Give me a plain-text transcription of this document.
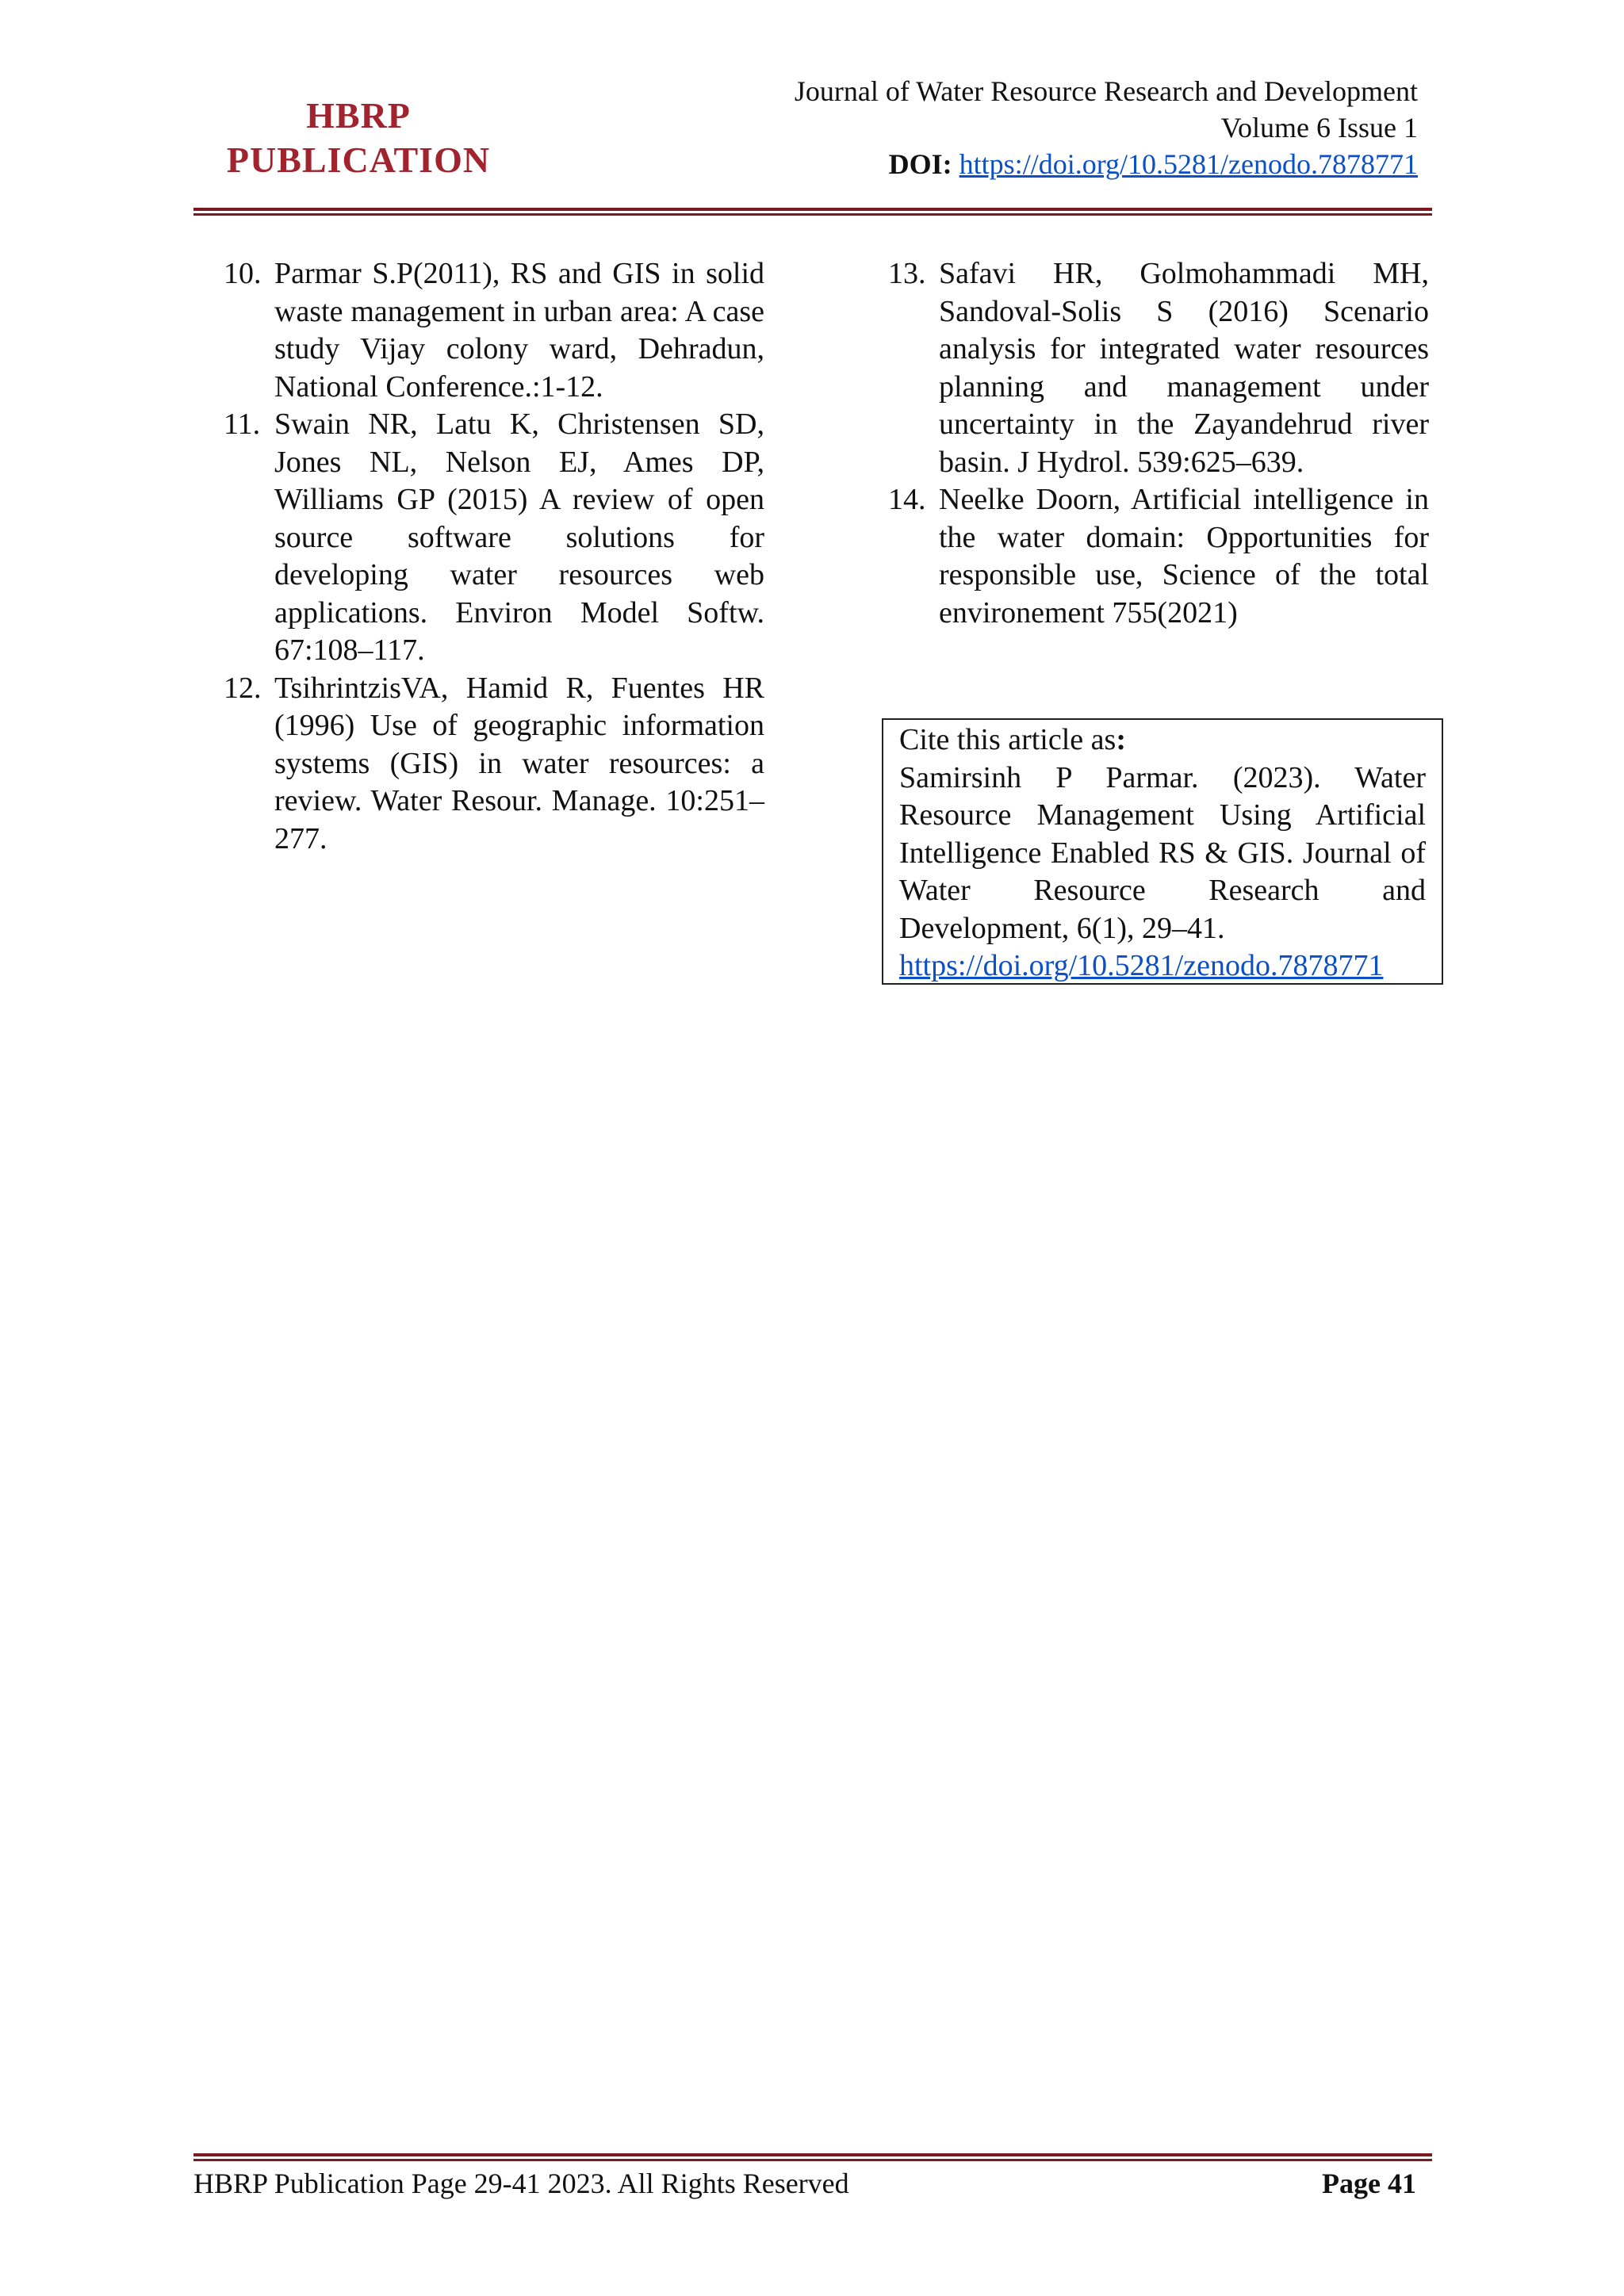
HBRP
PUBLICATION
Journal of Water Resource Research and Development
Volume 6 Issue 1
DOI: https://doi.org/10.5281/zenodo.7878771
10. Parmar S.P(2011), RS and GIS in solid waste management in urban area: A case study Vijay colony ward, Dehradun, National Conference.:1-12.
11. Swain NR, Latu K, Christensen SD, Jones NL, Nelson EJ, Ames DP, Williams GP (2015) A review of open source software solutions for developing water resources web applications. Environ Model Softw. 67:108–117.
12. TsihrintzisVA, Hamid R, Fuentes HR (1996) Use of geographic information systems (GIS) in water resources: a review. Water Resour. Manage. 10:251–277.
13. Safavi HR, Golmohammadi MH, Sandoval-Solis S (2016) Scenario analysis for integrated water resources planning and management under uncertainty in the Zayandehrud river basin. J Hydrol. 539:625–639.
14. Neelke Doorn, Artificial intelligence in the water domain: Opportunities for responsible use, Science of the total environement 755(2021)
Cite this article as:
Samirsinh P Parmar. (2023). Water Resource Management Using Artificial Intelligence Enabled RS & GIS. Journal of Water Resource Research and Development, 6(1), 29–41.
https://doi.org/10.5281/zenodo.7878771
HBRP Publication Page 29-41 2023. All Rights Reserved	Page 41
